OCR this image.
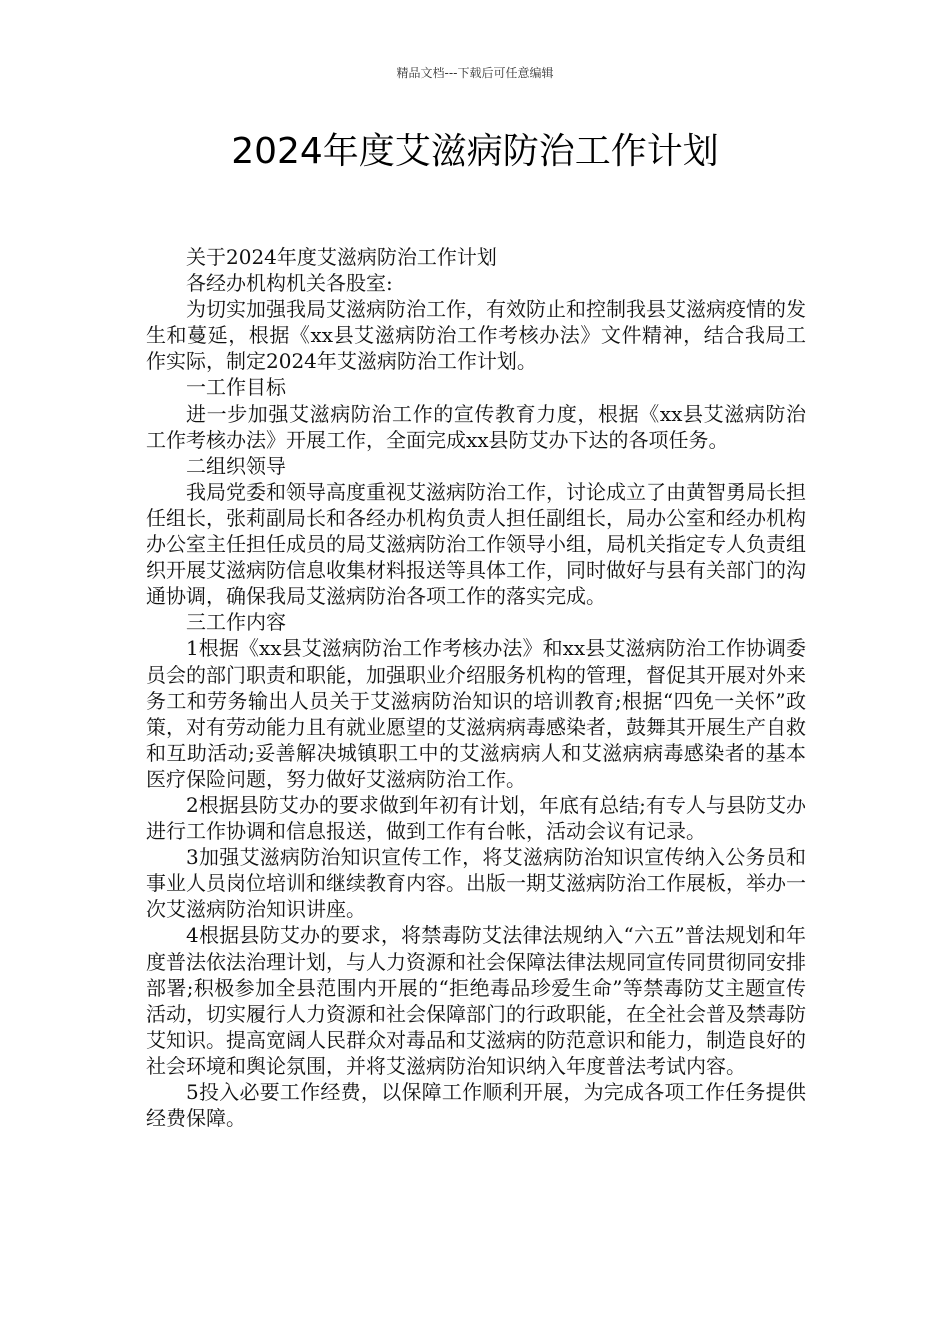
精品文档---下载后可任意编辑
2024年度艾滋病防治工作计划

关于2024年度艾滋病防治工作计划

各经办机构机关各股室:

为切实加强我局艾滋病防治工作，有效防止和控制我县艾滋病疫情的发生和蔓延，根据《xx县艾滋病防治工作考核办法》文件精神，结合我局工作实际，制定2024年艾滋病防治工作计划。

一工作目标

进一步加强艾滋病防治工作的宣传教育力度，根据《xx县艾滋病防治工作考核办法》开展工作，全面完成xx县防艾办下达的各项任务。

二组织领导

我局党委和领导高度重视艾滋病防治工作，讨论成立了由黄智勇局长担任组长，张莉副局长和各经办机构负责人担任副组长，局办公室和经办机构办公室主任担任成员的局艾滋病防治工作领导小组，局机关指定专人负责组织开展艾滋病防信息收集材料报送等具体工作，同时做好与县有关部门的沟通协调，确保我局艾滋病防治各项工作的落实完成。

三工作内容

1根据《xx县艾滋病防治工作考核办法》和xx县艾滋病防治工作协调委员会的部门职责和职能，加强职业介绍服务机构的管理，督促其开展对外来务工和劳务输出人员关于艾滋病防治知识的培训教育;根据“四免一关怀”政策，对有劳动能力且有就业愿望的艾滋病病毒感染者，鼓舞其开展生产自救和互助活动;妥善解决城镇职工中的艾滋病病人和艾滋病病毒感染者的基本医疗保险问题，努力做好艾滋病防治工作。

2根据县防艾办的要求做到年初有计划，年底有总结;有专人与县防艾办进行工作协调和信息报送，做到工作有台帐，活动会议有记录。

3加强艾滋病防治知识宣传工作，将艾滋病防治知识宣传纳入公务员和事业人员岗位培训和继续教育内容。出版一期艾滋病防治工作展板，举办一次艾滋病防治知识讲座。

4根据县防艾办的要求，将禁毒防艾法律法规纳入“六五”普法规划和年度普法依法治理计划，与人力资源和社会保障法律法规同宣传同贯彻同安排部署;积极参加全县范围内开展的“拒绝毒品珍爱生命”等禁毒防艾主题宣传活动，切实履行人力资源和社会保障部门的行政职能，在全社会普及禁毒防艾知识。提高宽阔人民群众对毒品和艾滋病的防范意识和能力，制造良好的社会环境和舆论氛围，并将艾滋病防治知识纳入年度普法考试内容。

5投入必要工作经费，以保障工作顺利开展，为完成各项工作任务提供经费保障。
